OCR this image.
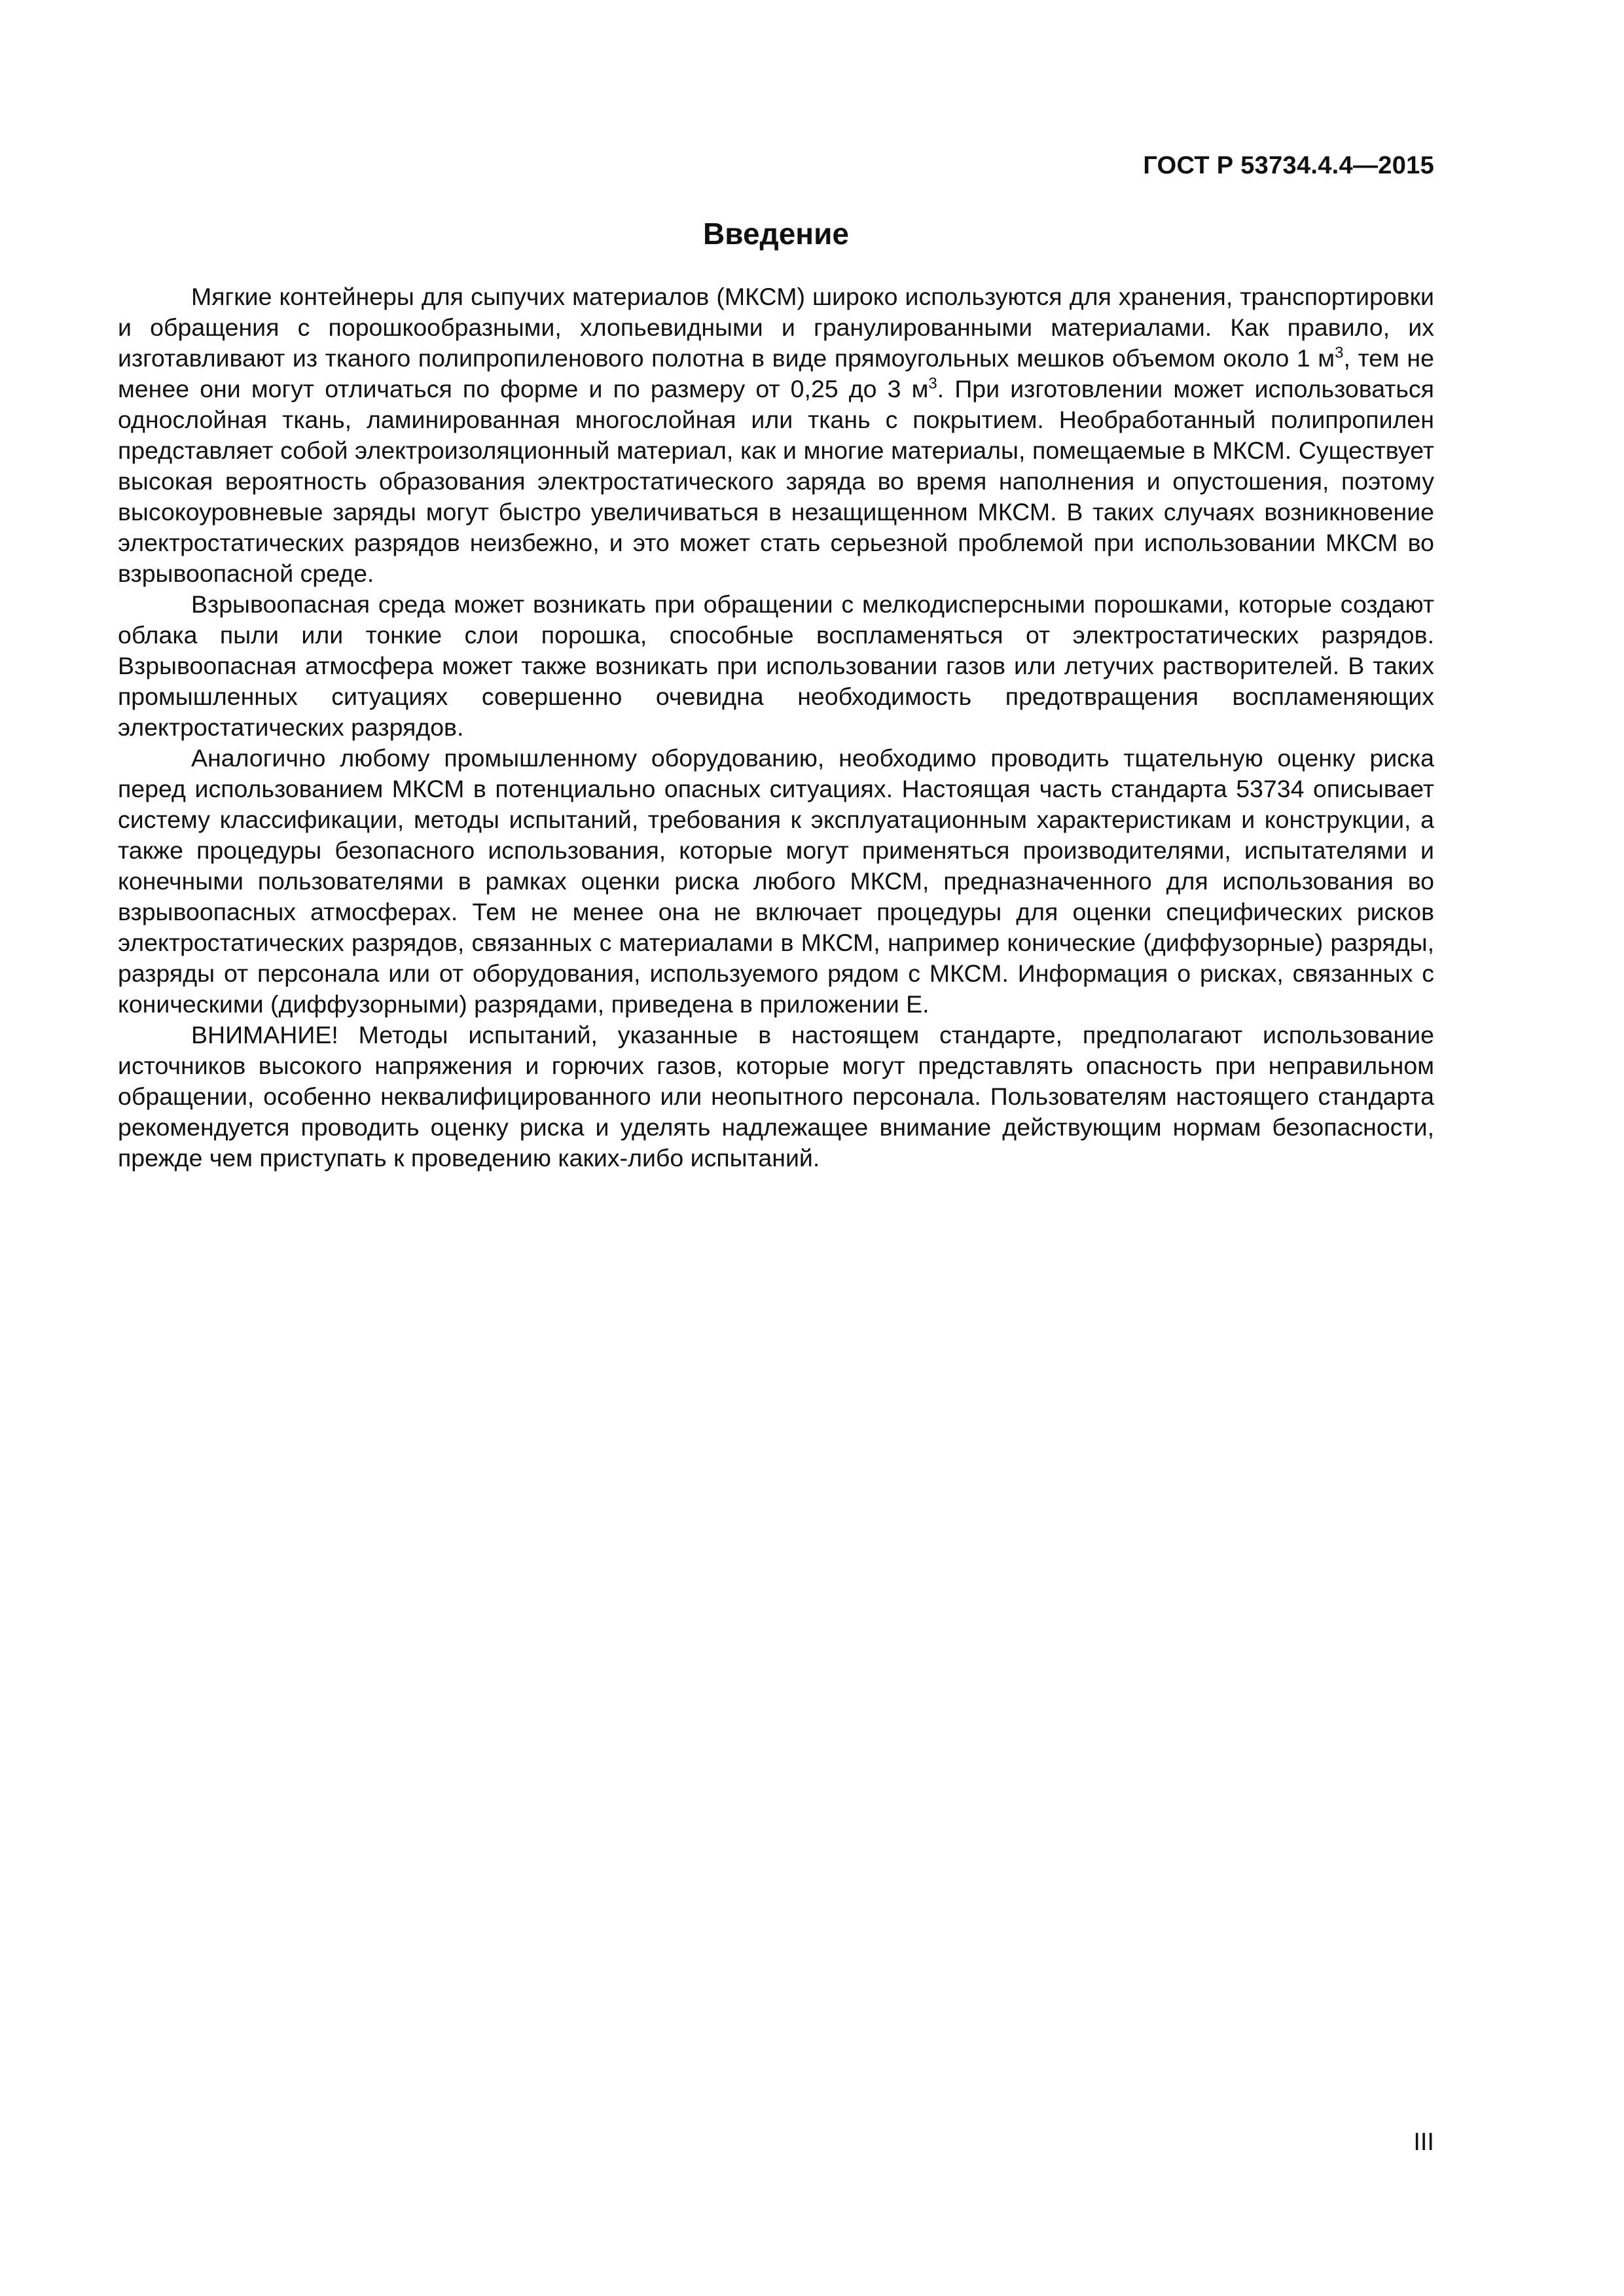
ГОСТ Р 53734.4.4—2015
Введение

Мягкие контейнеры для сыпучих материалов (МКСМ) широко используются для хранения, транспортировки и обращения с порошкообразными, хлопьевидными и гранулированными материалами. Как правило, их изготавливают из тканого полипропиленового полотна в виде прямоугольных мешков объемом около 1 $м^3$, тем не менее они могут отличаться по форме и по размеру от 0,25 до 3 $м^3$. При изготовлении может использоваться однослойная ткань, ламинированная многослойная или ткань с покрытием. Необработанный полипропилен представляет собой электроизоляционный материал, как и многие материалы, помещаемые в МКСМ. Существует высокая вероятность образования электростатического заряда во время наполнения и опустошения, поэтому высокоуровневые заряды могут быстро увеличиваться в незащищенном МКСМ. В таких случаях возникновение электростатических разрядов неизбежно, и это может стать серьезной проблемой при использовании МКСМ во взрывоопасной среде.

Взрывоопасная среда может возникать при обращении с мелкодисперсными порошками, которые создают облака пыли или тонкие слои порошка, способные воспламеняться от электростатических разрядов. Взрывоопасная атмосфера может также возникать при использовании газов или летучих растворителей. В таких промышленных ситуациях совершенно очевидна необходимость предотвращения воспламеняющих электростатических разрядов.

Аналогично любому промышленному оборудованию, необходимо проводить тщательную оценку риска перед использованием МКСМ в потенциально опасных ситуациях. Настоящая часть стандарта 53734 описывает систему классификации, методы испытаний, требования к эксплуатационным характеристикам и конструкции, а также процедуры безопасного использования, которые могут применяться производителями, испытателями и конечными пользователями в рамках оценки риска любого МКСМ, предназначенного для использования во взрывоопасных атмосферах. Тем не менее она не включает процедуры для оценки специфических рисков электростатических разрядов, связанных с материалами в МКСМ, например конические (диффузорные) разряды, разряды от персонала или от оборудования, используемого рядом с МКСМ. Информация о рисках, связанных с коническими (диффузорными) разрядами, приведена в приложении Е.

ВНИМАНИЕ! Методы испытаний, указанные в настоящем стандарте, предполагают использование источников высокого напряжения и горючих газов, которые могут представлять опасность при неправильном обращении, особенно неквалифицированного или неопытного персонала. Пользователям настоящего стандарта рекомендуется проводить оценку риска и уделять надлежащее внимание действующим нормам безопасности, прежде чем приступать к проведению каких-либо испытаний.

III
